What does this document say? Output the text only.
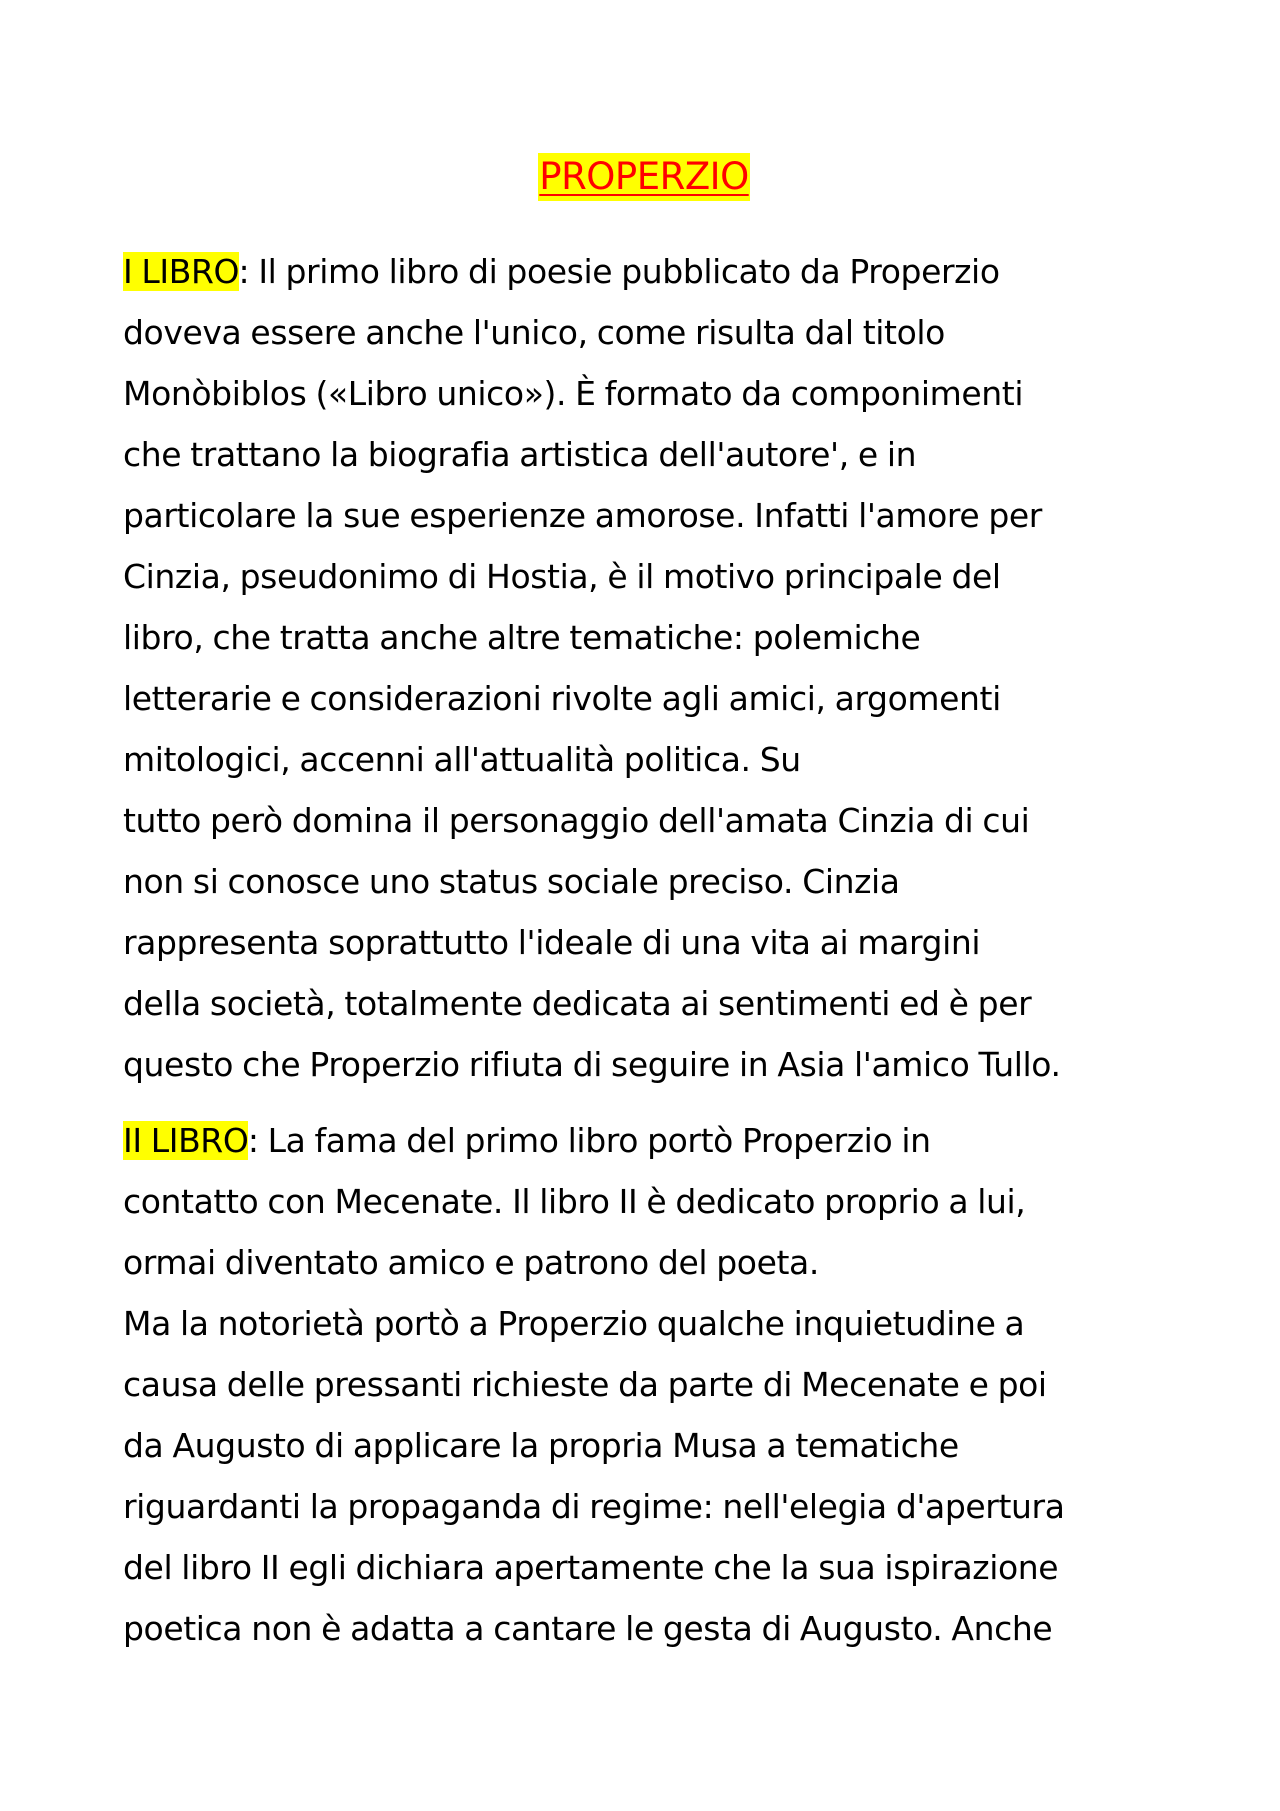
PROPERZIO
I LIBRO: Il primo libro di poesie pubblicato da Properzio
doveva essere anche l'unico, come risulta dal titolo
Monòbiblos («Libro unico»). È formato da componimenti
che trattano la biografia artistica dell'autore', e in
particolare la sue esperienze amorose. Infatti l'amore per
Cinzia, pseudonimo di Hostia, è il motivo principale del
libro, che tratta anche altre tematiche: polemiche
letterarie e considerazioni rivolte agli amici, argomenti
mitologici, accenni all'attualità politica. Su
tutto però domina il personaggio dell'amata Cinzia di cui
non si conosce uno status sociale preciso. Cinzia
rappresenta soprattutto l'ideale di una vita ai margini
della società, totalmente dedicata ai sentimenti ed è per
questo che Properzio rifiuta di seguire in Asia l'amico Tullo.
II LIBRO: La fama del primo libro portò Properzio in
contatto con Mecenate. Il libro II è dedicato proprio a lui,
ormai diventato amico e patrono del poeta.
Ma la notorietà portò a Properzio qualche inquietudine a
causa delle pressanti richieste da parte di Mecenate e poi
da Augusto di applicare la propria Musa a tematiche
riguardanti la propaganda di regime: nell'elegia d'apertura
del libro II egli dichiara apertamente che la sua ispirazione
poetica non è adatta a cantare le gesta di Augusto. Anche
